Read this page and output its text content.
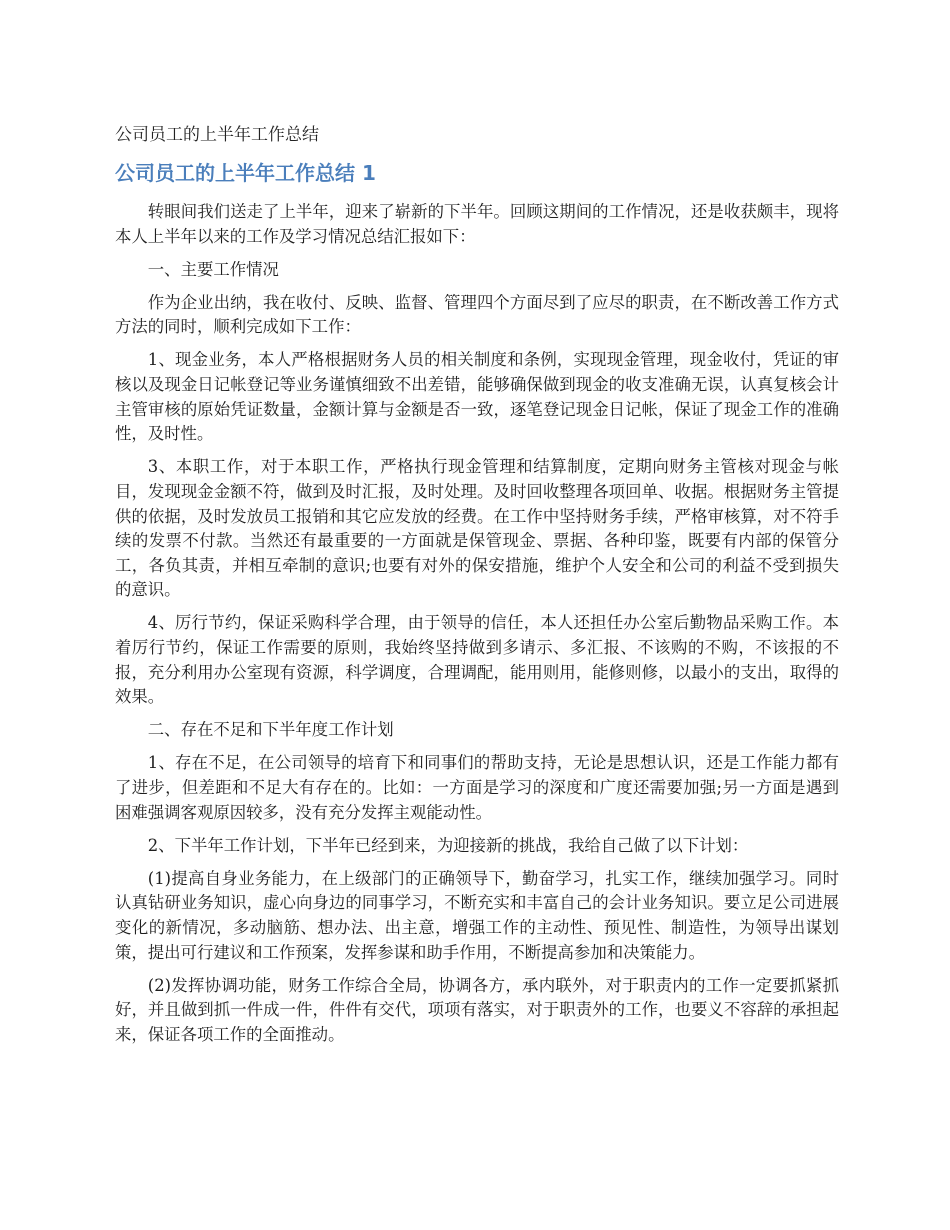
公司员工的上半年工作总结
公司员工的上半年工作总结 1

转眼间我们送走了上半年，迎来了崭新的下半年。回顾这期间的工作情况，还是收获颇丰，现将本人上半年以来的工作及学习情况总结汇报如下：

一、主要工作情况

作为企业出纳，我在收付、反映、监督、管理四个方面尽到了应尽的职责，在不断改善工作方式方法的同时，顺利完成如下工作：

1、现金业务，本人严格根据财务人员的相关制度和条例，实现现金管理，现金收付，凭证的审核以及现金日记帐登记等业务谨慎细致不出差错，能够确保做到现金的收支准确无误，认真复核会计主管审核的原始凭证数量，金额计算与金额是否一致，逐笔登记现金日记帐，保证了现金工作的准确性，及时性。

3、本职工作，对于本职工作，严格执行现金管理和结算制度，定期向财务主管核对现金与帐目，发现现金金额不符，做到及时汇报，及时处理。及时回收整理各项回单、收据。根据财务主管提供的依据，及时发放员工报销和其它应发放的经费。在工作中坚持财务手续，严格审核算，对不符手续的发票不付款。当然还有最重要的一方面就是保管现金、票据、各种印鉴，既要有内部的保管分工，各负其责，并相互牵制的意识;也要有对外的保安措施，维护个人安全和公司的利益不受到损失的意识。

4、厉行节约，保证采购科学合理，由于领导的信任，本人还担任办公室后勤物品采购工作。本着厉行节约，保证工作需要的原则，我始终坚持做到多请示、多汇报、不该购的不购，不该报的不报，充分利用办公室现有资源，科学调度，合理调配，能用则用，能修则修，以最小的支出，取得的效果。

二、存在不足和下半年度工作计划

1、存在不足，在公司领导的培育下和同事们的帮助支持，无论是思想认识，还是工作能力都有了进步，但差距和不足大有存在的。比如：一方面是学习的深度和广度还需要加强;另一方面是遇到困难强调客观原因较多，没有充分发挥主观能动性。

2、下半年工作计划，下半年已经到来，为迎接新的挑战，我给自己做了以下计划：

(1)提高自身业务能力，在上级部门的正确领导下，勤奋学习，扎实工作，继续加强学习。同时认真钻研业务知识，虚心向身边的同事学习，不断充实和丰富自己的会计业务知识。要立足公司进展变化的新情况，多动脑筋、想办法、出主意，增强工作的主动性、预见性、制造性，为领导出谋划策，提出可行建议和工作预案，发挥参谋和助手作用，不断提高参加和决策能力。

(2)发挥协调功能，财务工作综合全局，协调各方，承内联外，对于职责内的工作一定要抓紧抓好，并且做到抓一件成一件，件件有交代，项项有落实，对于职责外的工作，也要义不容辞的承担起来，保证各项工作的全面推动。
